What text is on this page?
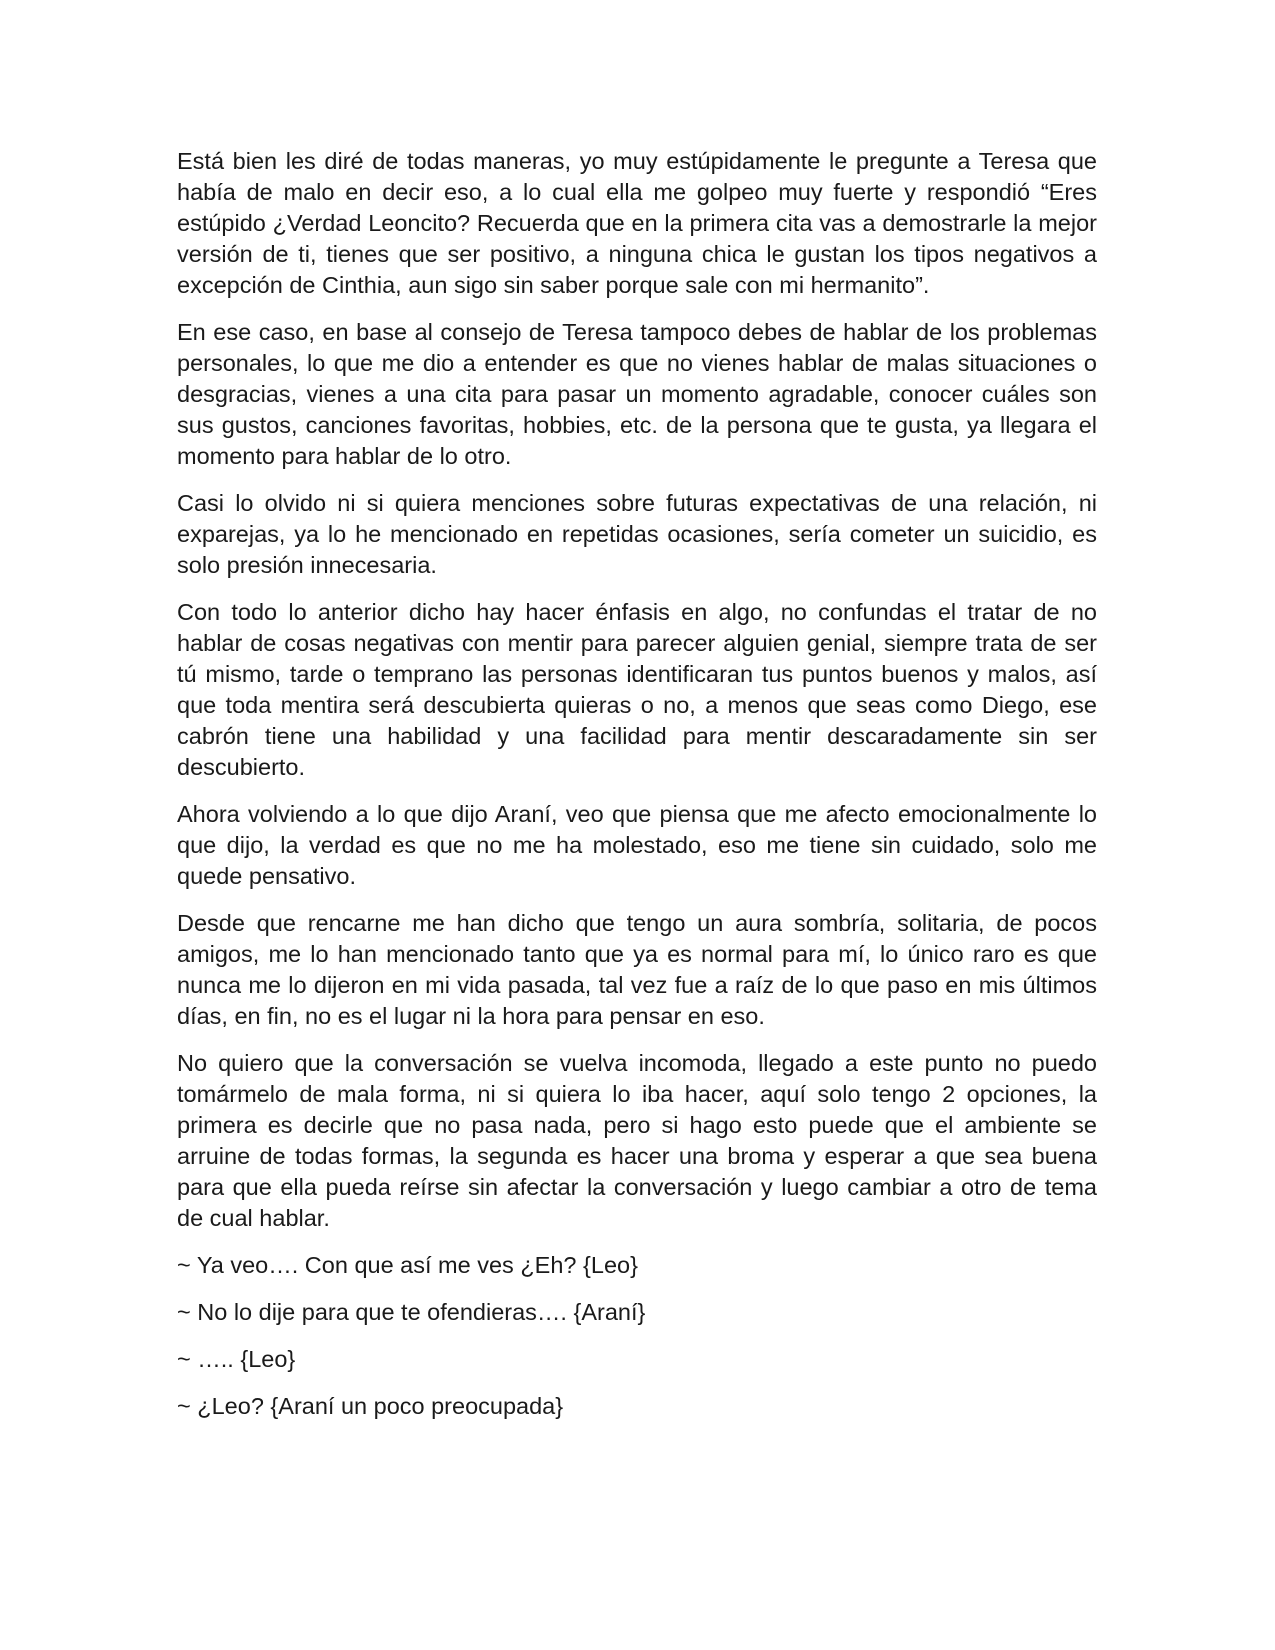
Está bien les diré de todas maneras, yo muy estúpidamente le pregunte a Teresa que había de malo en decir eso, a lo cual ella me golpeo muy fuerte y respondió “Eres estúpido ¿Verdad Leoncito? Recuerda que en la primera cita vas a demostrarle la mejor versión de ti, tienes que ser positivo, a ninguna chica le gustan los tipos negativos a excepción de Cinthia, aun sigo sin saber porque sale con mi hermanito”.

En ese caso, en base al consejo de Teresa tampoco debes de hablar de los problemas personales, lo que me dio a entender es que no vienes hablar de malas situaciones o desgracias, vienes a una cita para pasar un momento agradable, conocer cuáles son sus gustos, canciones favoritas, hobbies, etc. de la persona que te gusta, ya llegara el momento para hablar de lo otro.

Casi lo olvido ni si quiera menciones sobre futuras expectativas de una relación, ni exparejas, ya lo he mencionado en repetidas ocasiones, sería cometer un suicidio, es solo presión innecesaria.

Con todo lo anterior dicho hay hacer énfasis en algo, no confundas el tratar de no hablar de cosas negativas con mentir para parecer alguien genial, siempre trata de ser tú mismo, tarde o temprano las personas identificaran tus puntos buenos y malos, así que toda mentira será descubierta quieras o no, a menos que seas como Diego, ese cabrón tiene una habilidad y una facilidad para mentir descaradamente sin ser descubierto.

Ahora volviendo a lo que dijo Araní, veo que piensa que me afecto emocionalmente lo que dijo, la verdad es que no me ha molestado, eso me tiene sin cuidado, solo me quede pensativo.

Desde que rencarne me han dicho que tengo un aura sombría, solitaria, de pocos amigos, me lo han mencionado tanto que ya es normal para mí, lo único raro es que nunca me lo dijeron en mi vida pasada, tal vez fue a raíz de lo que paso en mis últimos días, en fin, no es el lugar ni la hora para pensar en eso.

No quiero que la conversación se vuelva incomoda, llegado a este punto no puedo tomármelo de mala forma, ni si quiera lo iba hacer, aquí solo tengo 2 opciones, la primera es decirle que no pasa nada, pero si hago esto puede que el ambiente se arruine de todas formas, la segunda es hacer una broma y esperar a que sea buena para que ella pueda reírse sin afectar la conversación y luego cambiar a otro de tema de cual hablar.

~ Ya veo…. Con que así me ves ¿Eh? {Leo}

~ No lo dije para que te ofendieras…. {Araní}

~ ….. {Leo}

~ ¿Leo? {Araní un poco preocupada}
